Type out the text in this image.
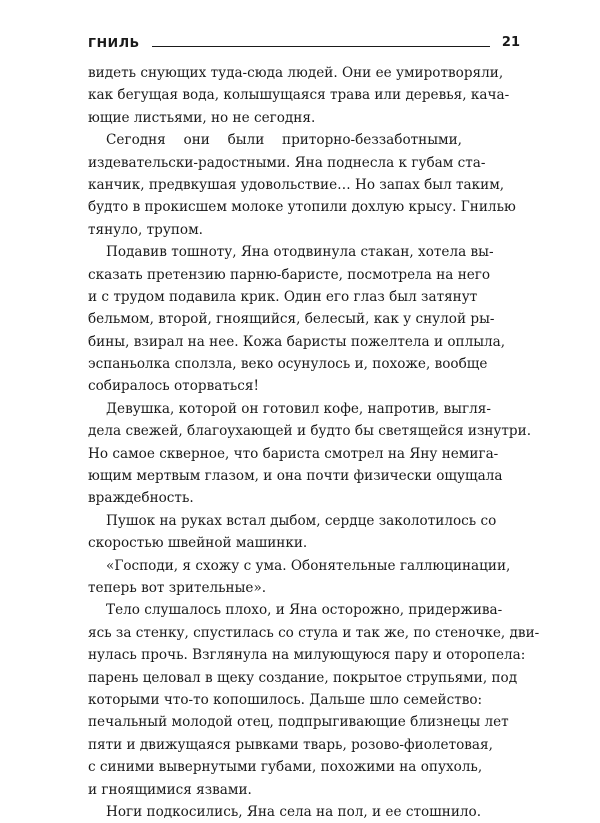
ГНИЛЬ	21
видеть снующих туда-сюда людей. Они ее умиротворяли,
как бегущая вода, колышущаяся трава или деревья, кача-
ющие листьями, но не сегодня.
Сегодня они были приторно-беззаботными,
издевательски-радостными. Яна поднесла к губам ста-
канчик, предвкушая удовольствие… Но запах был таким,
будто в прокисшем молоке утопили дохлую крысу. Гнилью
тянуло, трупом.
Подавив тошноту, Яна отодвинула стакан, хотела вы-
сказать претензию парню-баристе, посмотрела на него
и с трудом подавила крик. Один его глаз был затянут
бельмом, второй, гноящийся, белесый, как у снулой ры-
бины, взирал на нее. Кожа баристы пожелтела и оплыла,
эспаньолка сползла, веко осунулось и, похоже, вообще
собиралось оторваться!
Девушка, которой он готовил кофе, напротив, выгля-
дела свежей, благоухающей и будто бы светящейся изнутри.
Но самое скверное, что бариста смотрел на Яну немига-
ющим мертвым глазом, и она почти физически ощущала
враждебность.
Пушок на руках встал дыбом, сердце заколотилось со
скоростью швейной машинки.
«Господи, я схожу с ума. Обонятельные галлюцинации,
теперь вот зрительные».
Тело слушалось плохо, и Яна осторожно, придержива-
ясь за стенку, спустилась со стула и так же, по стеночке, дви-
нулась прочь. Взглянула на милующуюся пару и оторопела:
парень целовал в щеку создание, покрытое струпьями, под
которыми что-то копошилось. Дальше шло семейство:
печальный молодой отец, подпрыгивающие близнецы лет
пяти и движущаяся рывками тварь, розово-фиолетовая,
с синими вывернутыми губами, похожими на опухоль,
и гноящимися язвами.
Ноги подкосились, Яна села на пол, и ее стошнило.
